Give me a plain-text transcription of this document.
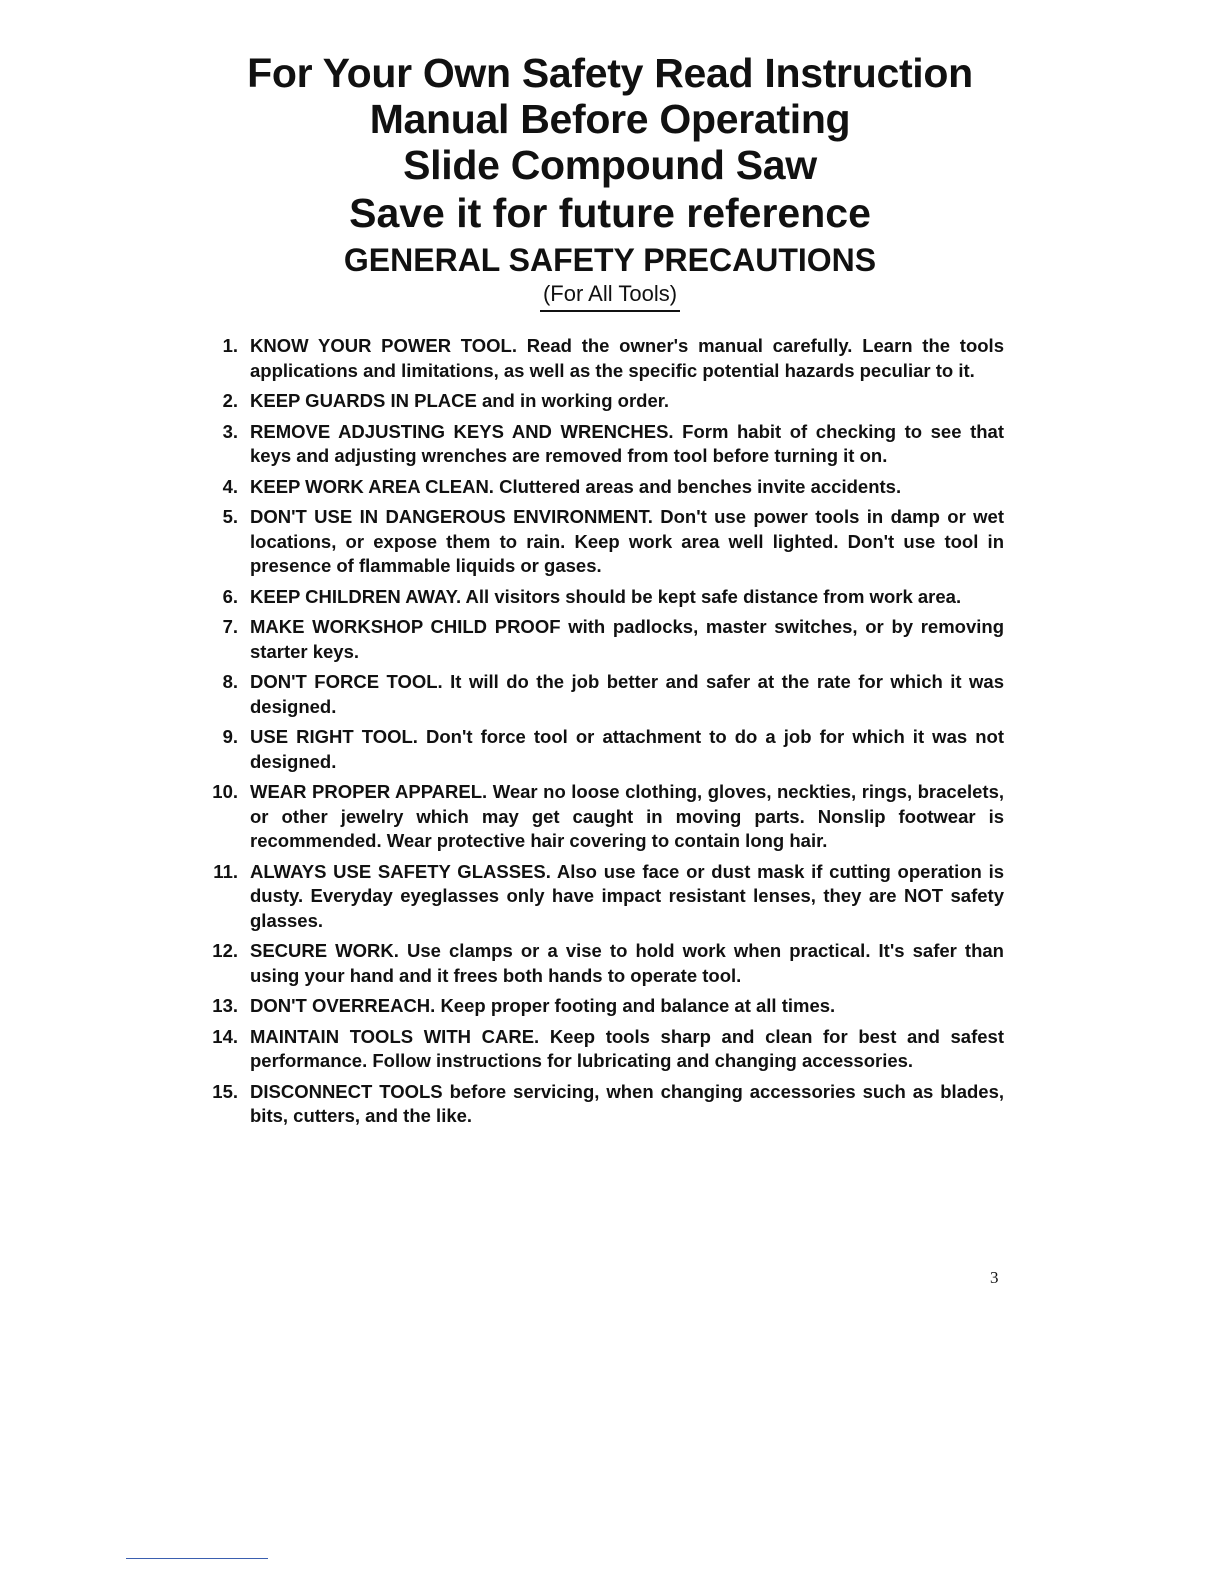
For Your Own Safety Read Instruction
Manual Before Operating
Slide Compound Saw
Save it for future reference
GENERAL SAFETY PRECAUTIONS
(For All Tools)
1. KNOW YOUR POWER TOOL. Read the owner's manual carefully. Learn the tools applications and limitations, as well as the specific potential hazards peculiar to it.
2. KEEP GUARDS IN PLACE and in working order.
3. REMOVE ADJUSTING KEYS AND WRENCHES. Form habit of checking to see that keys and adjusting wrenches are removed from tool before turning it on.
4. KEEP WORK AREA CLEAN. Cluttered areas and benches invite accidents.
5. DON'T USE IN DANGEROUS ENVIRONMENT. Don't use power tools in damp or wet locations, or expose them to rain. Keep work area well lighted. Don't use tool in presence of flammable liquids or gases.
6. KEEP CHILDREN AWAY. All visitors should be kept safe distance from work area.
7. MAKE WORKSHOP CHILD PROOF with padlocks, master switches, or by removing starter keys.
8. DON'T FORCE TOOL. It will do the job better and safer at the rate for which it was designed.
9. USE RIGHT TOOL. Don't force tool or attachment to do a job for which it was not designed.
10. WEAR PROPER APPAREL. Wear no loose clothing, gloves, neckties, rings, bracelets, or other jewelry which may get caught in moving parts. Nonslip footwear is recommended. Wear protective hair covering to contain long hair.
11. ALWAYS USE SAFETY GLASSES. Also use face or dust mask if cutting operation is dusty. Everyday eyeglasses only have impact resistant lenses, they are NOT safety glasses.
12. SECURE WORK. Use clamps or a vise to hold work when practical. It's safer than using your hand and it frees both hands to operate tool.
13. DON'T OVERREACH. Keep proper footing and balance at all times.
14. MAINTAIN TOOLS WITH CARE. Keep tools sharp and clean for best and safest performance. Follow instructions for lubricating and changing accessories.
15. DISCONNECT TOOLS before servicing, when changing accessories such as blades, bits, cutters, and the like.
3
